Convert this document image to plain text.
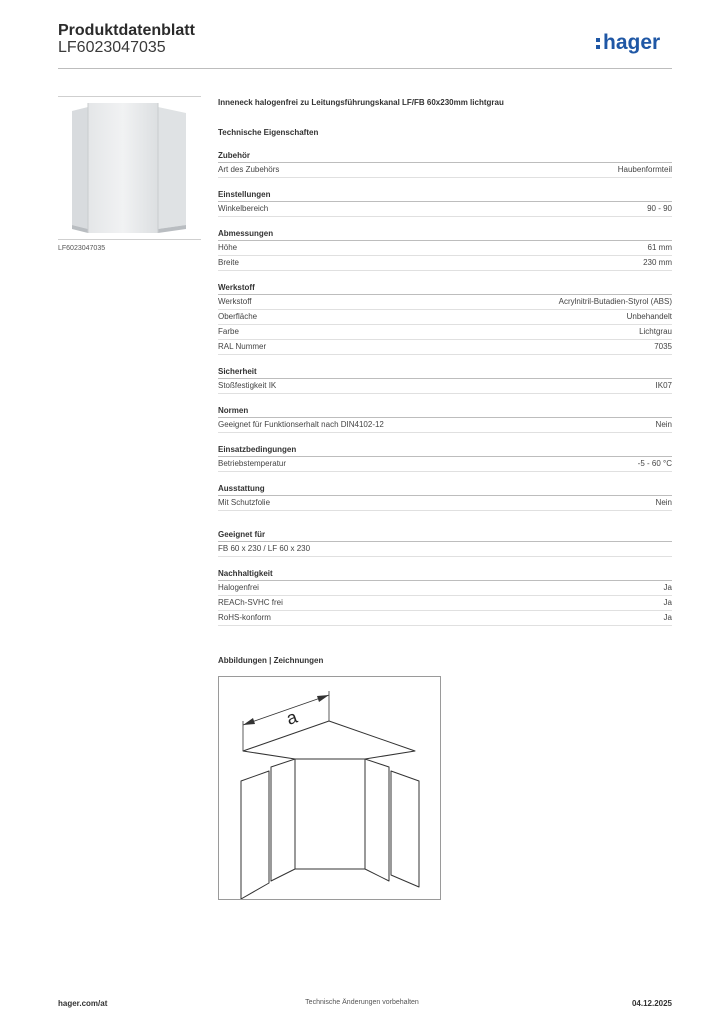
Produktdatenblatt
LF6023047035	hager
LF6023047035
Inneneck halogenfrei zu Leitungsführungskanal LF/FB 60x230mm lichtgrau
Technische Eigenschaften
Zubehör
Art des Zubehörs	Haubenformteil
Einstellungen
Winkelbereich	90 - 90
Abmessungen
Höhe	61 mm
Breite	230 mm
Werkstoff
Werkstoff	Acrylnitril-Butadien-Styrol (ABS)
Oberfläche	Unbehandelt
Farbe	Lichtgrau
RAL Nummer	7035
Sicherheit
Stoßfestigkeit IK	IK07
Normen
Geeignet für Funktionserhalt nach DIN4102-12	Nein
Einsatzbedingungen
Betriebstemperatur	-5 - 60 °C
Ausstattung
Mit Schutzfolie	Nein
Geeignet für
FB 60 x 230 / LF 60 x 230
Nachhaltigkeit
Halogenfrei	Ja
REACh-SVHC frei	Ja
RoHS-konform	Ja
Abbildungen | Zeichnungen
a
hager.com/at	Technische Änderungen vorbehalten	04.12.2025
